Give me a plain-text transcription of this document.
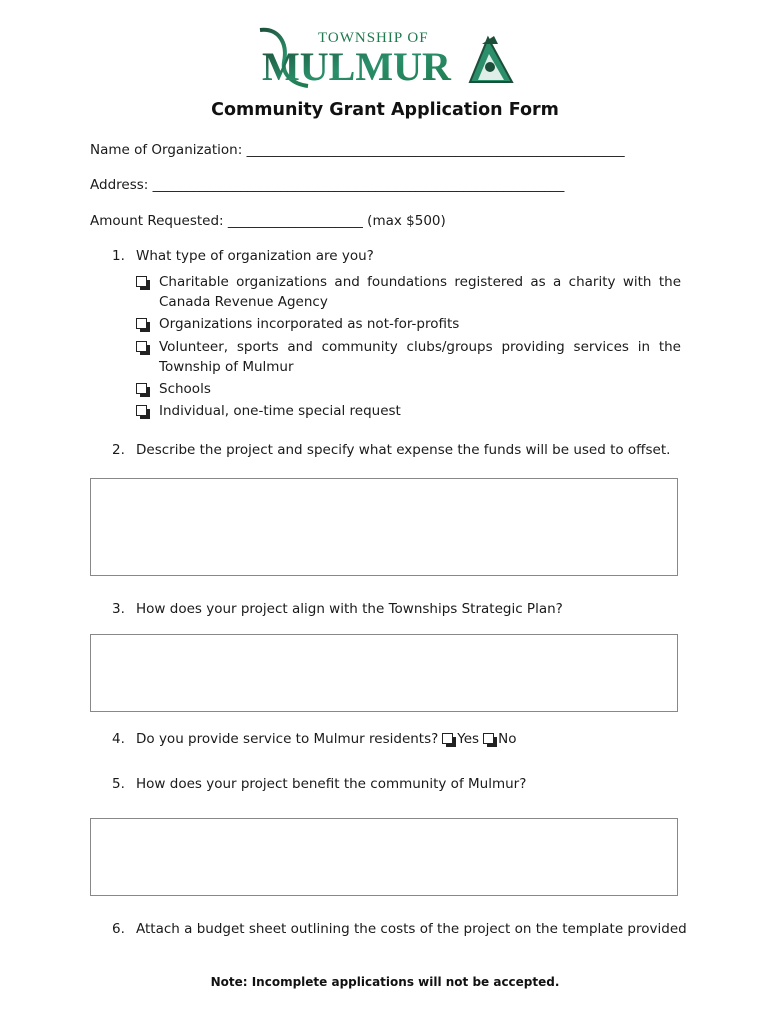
TOWNSHIP OF
MULMUR
Community Grant Application Form
Name of Organization: ________________________________________________________
Address: _____________________________________________________________
Amount Requested: ____________________ (max $500)
1. What type of organization are you?
Charitable organizations and foundations registered as a charity with the Canada Revenue Agency
Organizations incorporated as not-for-profits
Volunteer, sports and community clubs/groups providing services in the Township of Mulmur
Schools
Individual, one-time special request
2. Describe the project and specify what expense the funds will be used to offset.
3. How does your project align with the Townships Strategic Plan?
4. Do you provide service to Mulmur residents? Yes No
5. How does your project benefit the community of Mulmur?
6. Attach a budget sheet outlining the costs of the project on the template provided
Note: Incomplete applications will not be accepted.
